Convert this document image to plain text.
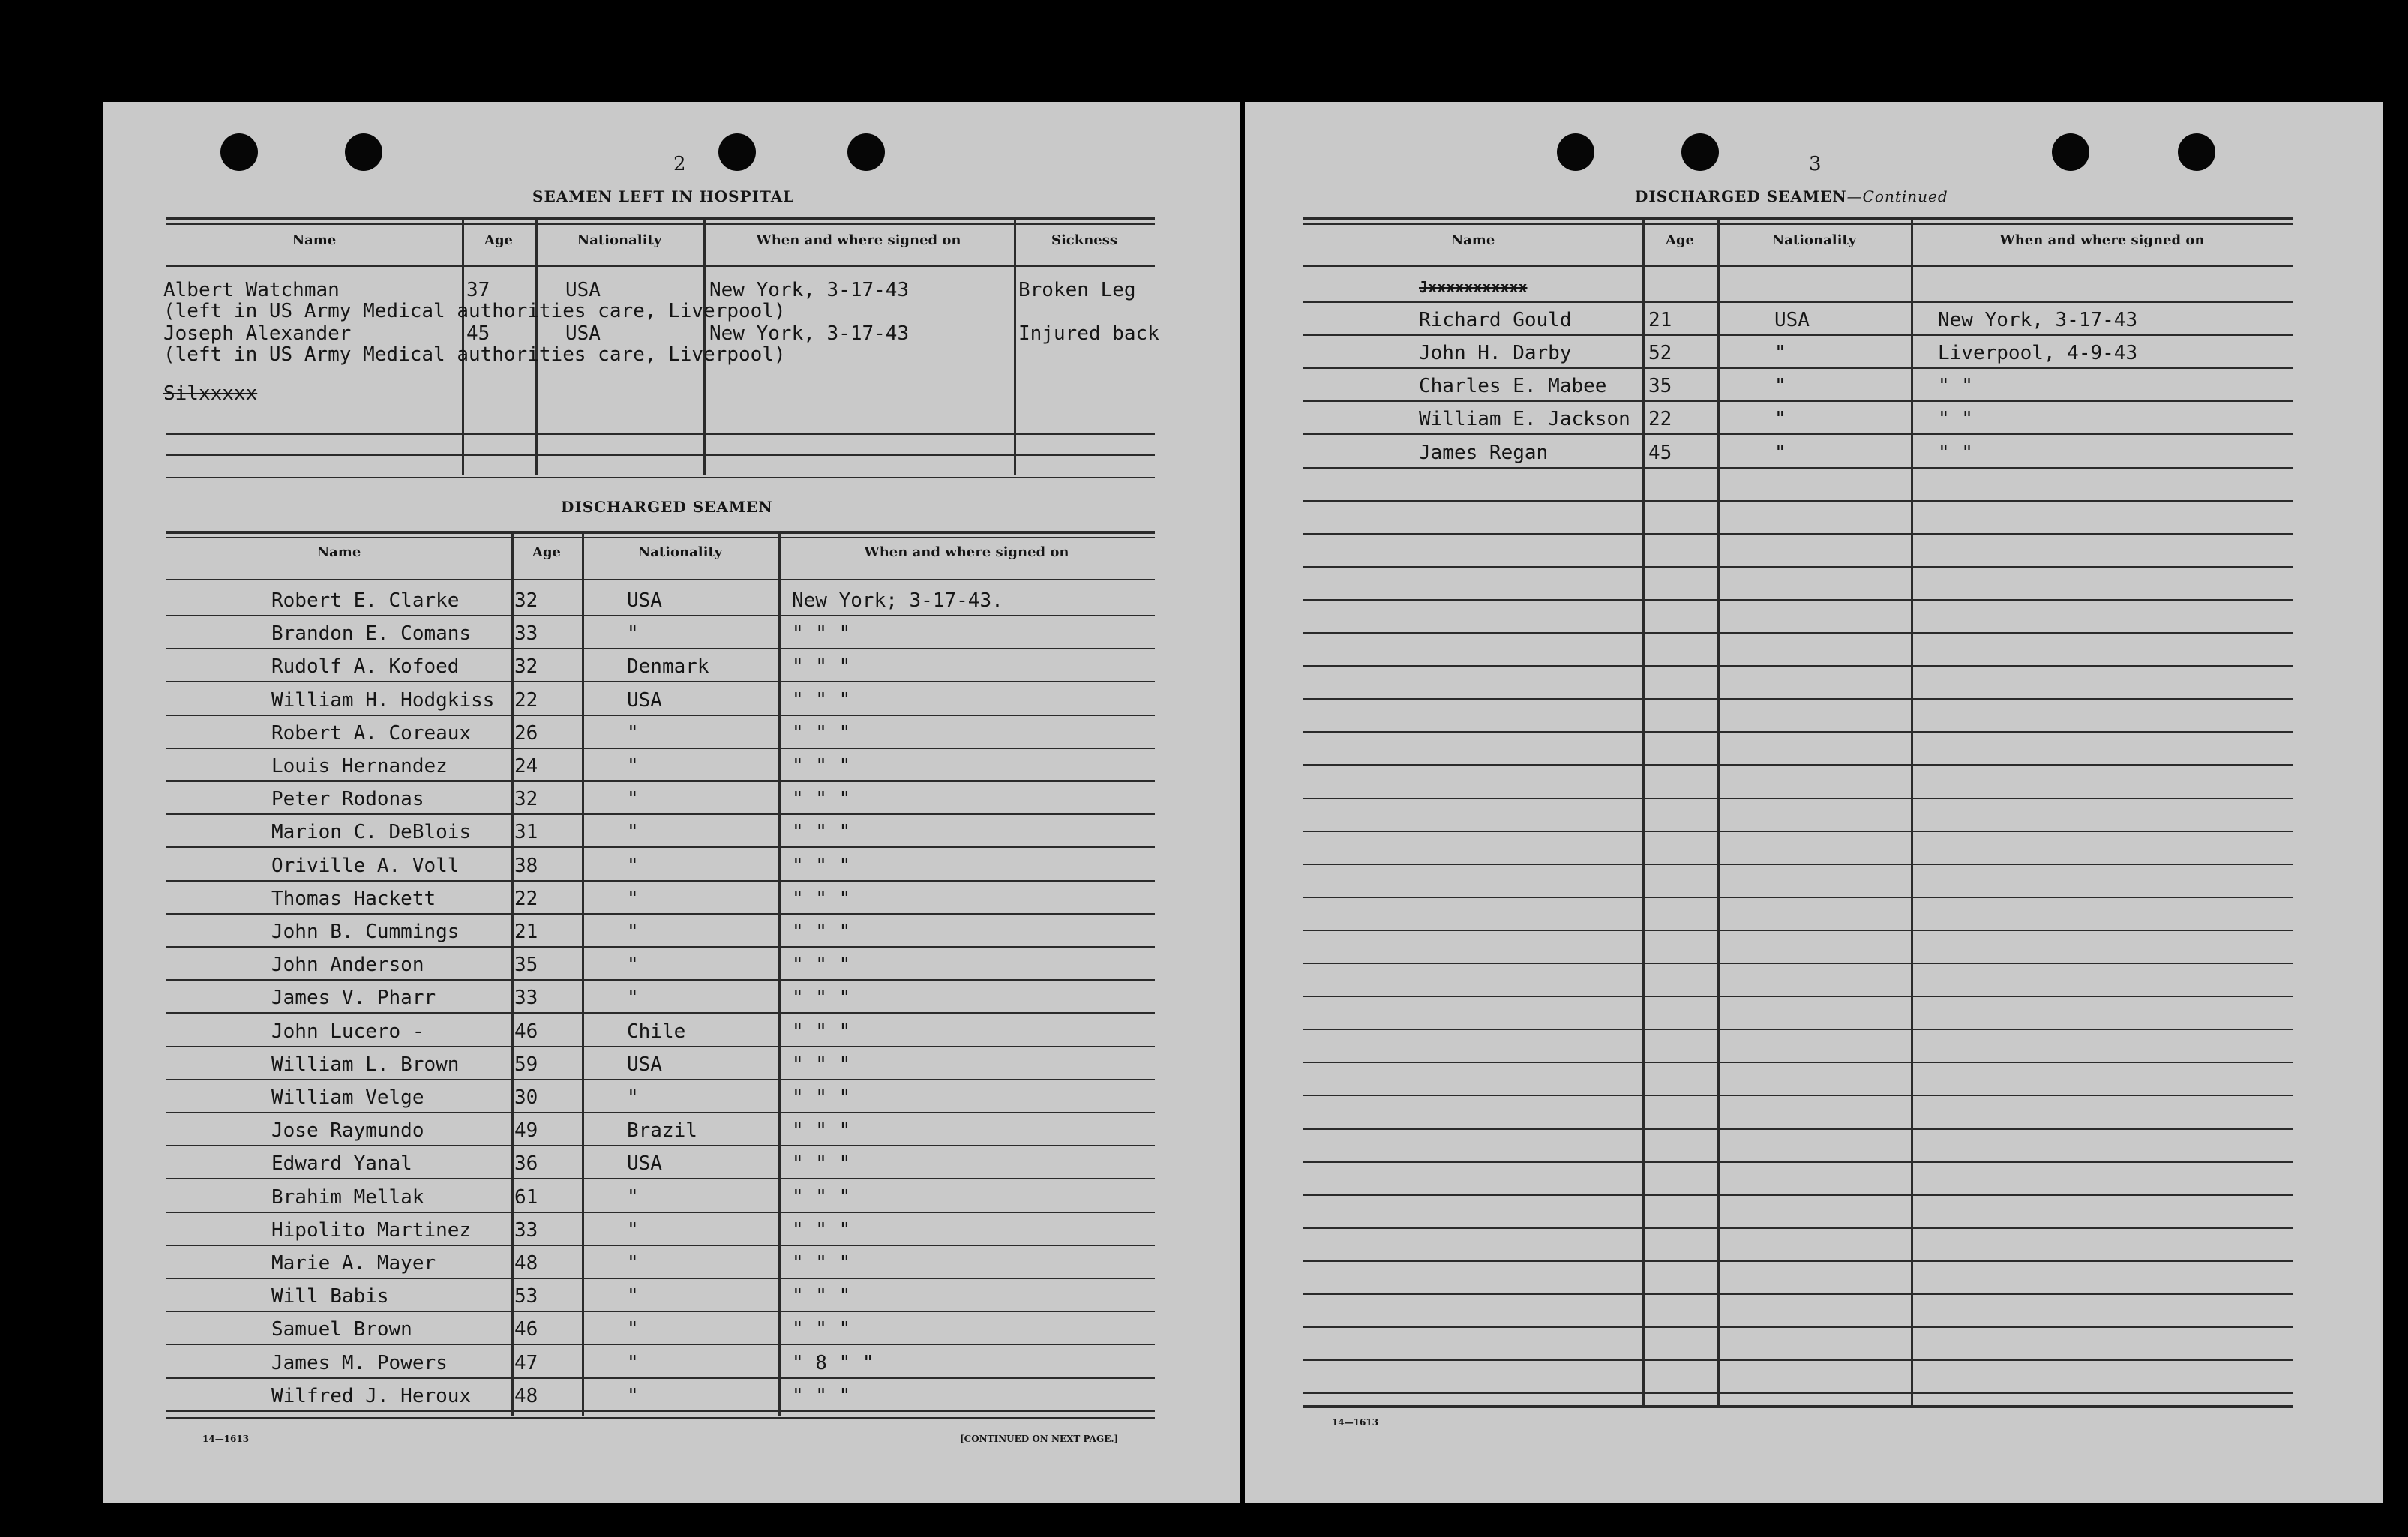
2
SEAMEN LEFT IN HOSPITAL
Name	Age	Nationality	When and where signed on	Sickness
Albert Watchman	37	USA	New York, 3-17-43	Broken Leg
(left in US Army Medical authorities care, Liverpool)
Joseph Alexander	45	USA	New York, 3-17-43	Injured back
(left in US Army Medical authorities care, Liverpool)
Silxxxxx
DISCHARGED SEAMEN
Name	Age	Nationality	When and where signed on
Robert E. Clarke	32	USA	New York; 3-17-43.
Brandon E. Comans 33	"	" " "
Rudolf A. Kofoed	32	Denmark	" " "
William H. Hodgkiss 22	USA	" " "
Robert A. Coreaux 26	"	" " "
Louis Hernandez	24	"	" " "
Peter Rodonas	32	"	" " "
Marion C. DeBlois 31	"	" " "
Oriville A. Voll	38	"	" " "
Thomas Hackett	22	"	" " "
John B. Cummings	21	"	" " "
John Anderson	35	"	" " "
James V. Pharr	33	"	" " "
John Lucero -	46	Chile	" " "
William L. Brown	59	USA	" " "
William Velge	30	"	" " "
Jose Raymundo	49	Brazil	" " "
Edward Yanal	36	USA	" " "
Brahim Mellak	61	"	" " "
Hipolito Martinez 33	"	" " "
Marie A. Mayer	48	"	" " "
Will Babis	53	"	" " "
Samuel Brown	46	"	" " "
James M. Powers	47	"	" 8 " "
Wilfred J. Heroux 48	"	" " "
14—1613	[CONTINUED ON NEXT PAGE.]
3
DISCHARGED SEAMEN—Continued
Name	Age	Nationality	When and where signed on
Jxxxxxxxxxxx
Richard Gould	21	USA	New York, 3-17-43
John H. Darby	52	"	Liverpool, 4-9-43
Charles E. Mabee 35	"	" "
William E. Jackson 22	"	" "
James Regan	45	"	" "
14—1613
